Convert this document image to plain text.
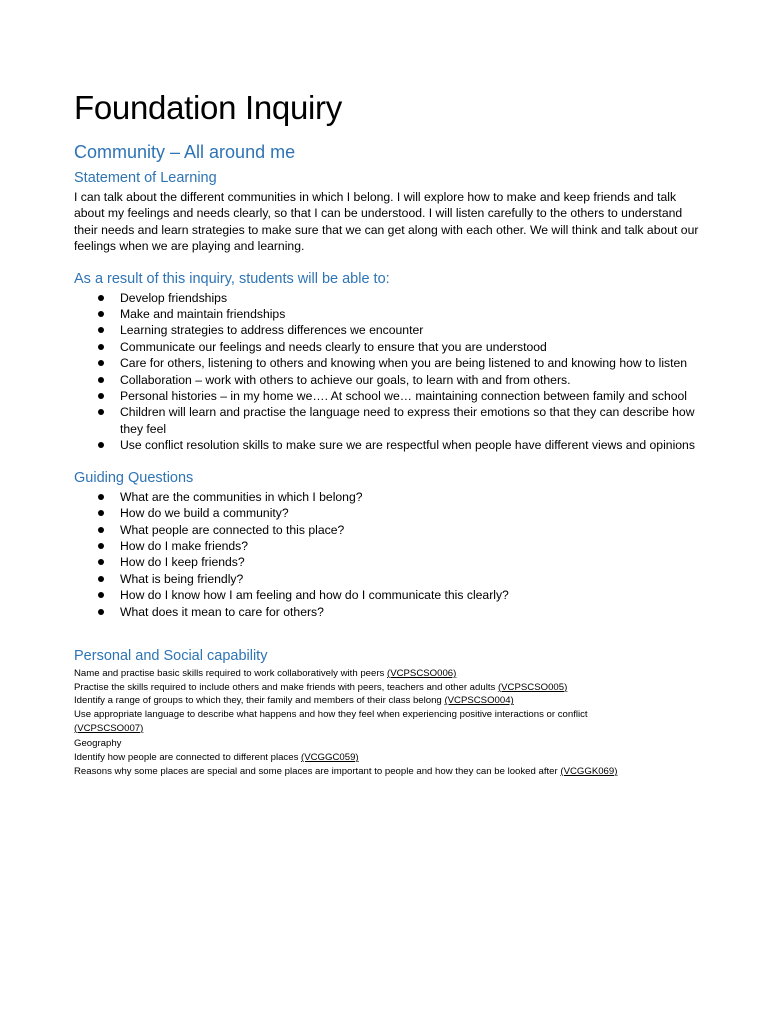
Foundation Inquiry
Community – All around me
Statement of Learning

I can talk about the different communities in which I belong. I will explore how to make and keep friends and talk about my feelings and needs clearly, so that I can be understood. I will listen carefully to the others to understand their needs and learn strategies to make sure that we can get along with each other. We will think and talk about our feelings when we are playing and learning.

As a result of this inquiry, students will be able to:
Develop friendships
Make and maintain friendships
Learning strategies to address differences we encounter
Communicate our feelings and needs clearly to ensure that you are understood
Care for others, listening to others and knowing when you are being listened to and knowing how to listen
Collaboration – work with others to achieve our goals, to learn with and from others.
Personal histories – in my home we…. At school we… maintaining connection between family and school
Children will learn and practise the language need to express their emotions so that they can describe how they feel
Use conflict resolution skills to make sure we are respectful when people have different views and opinions
Guiding Questions
What are the communities in which I belong?
How do we build a community?
What people are connected to this place?
How do I make friends?
How do I keep friends?
What is being friendly?
How do I know how I am feeling and how do I communicate this clearly?
What does it mean to care for others?
Personal and Social capability

Name and practise basic skills required to work collaboratively with peers (VCPSCSO006)

Practise the skills required to include others and make friends with peers, teachers and other adults (VCPSCSO005)

Identify a range of groups to which they, their family and members of their class belong (VCPSCSO004)

Use appropriate language to describe what happens and how they feel when experiencing positive interactions or conflict (VCPSCSO007)

Geography

Identify how people are connected to different places (VCGGC059)

Reasons why some places are special and some places are important to people and how they can be looked after (VCGGK069)
